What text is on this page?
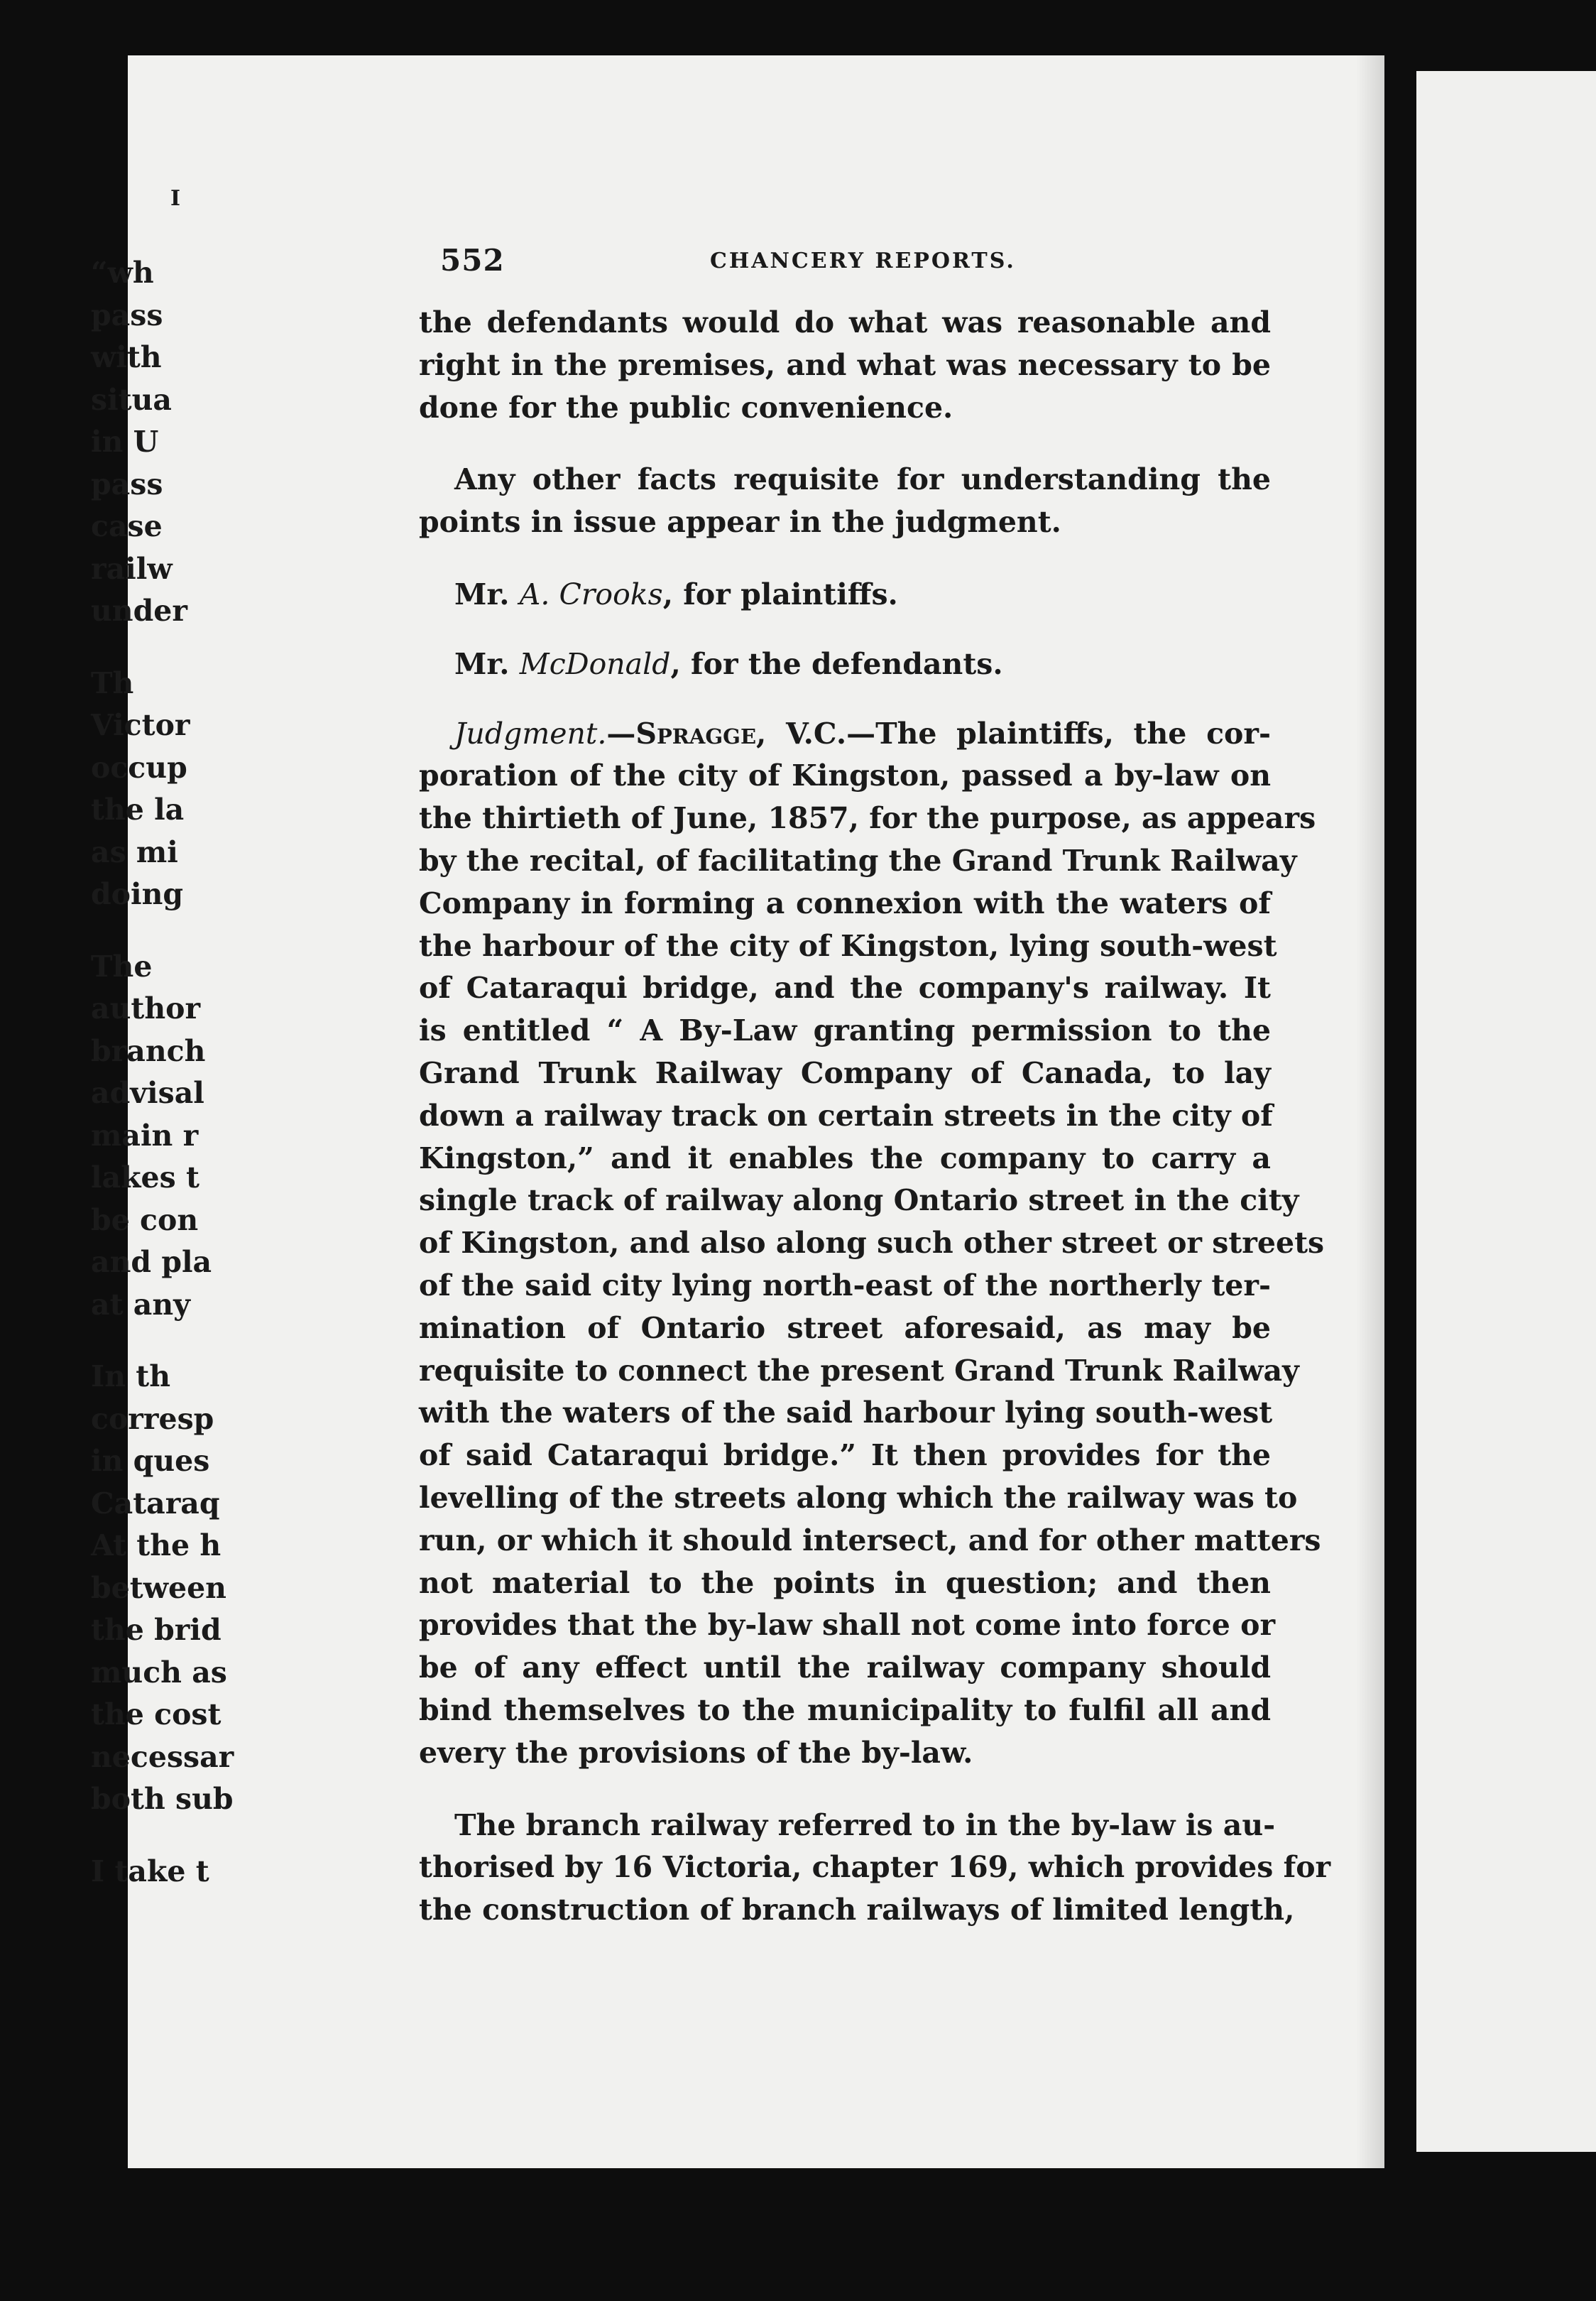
552	CHANCERY REPORTS.
the defendants would do what was reasonable and
right in the premises, and what was necessary to be
done for the public convenience.
Any other facts requisite for understanding the
points in issue appear in the judgment.
Mr. A. Crooks, for plaintiffs.
Mr. McDonald, for the defendants.
Judgment.—Spragge, V.C.—The plaintiffs, the cor-
poration of the city of Kingston, passed a by-law on
the thirtieth of June, 1857, for the purpose, as appears
by the recital, of facilitating the Grand Trunk Railway
Company in forming a connexion with the waters of
the harbour of the city of Kingston, lying south-west
of Cataraqui bridge, and the company's railway. It
is entitled “ A By-Law granting permission to the
Grand Trunk Railway Company of Canada, to lay
down a railway track on certain streets in the city of
Kingston,” and it enables the company to carry a
single track of railway along Ontario street in the city
of Kingston, and also along such other street or streets
of the said city lying north-east of the northerly ter-
mination of Ontario street aforesaid, as may be
requisite to connect the present Grand Trunk Railway
with the waters of the said harbour lying south-west
of said Cataraqui bridge.” It then provides for the
levelling of the streets along which the railway was to
run, or which it should intersect, and for other matters
not material to the points in question; and then
provides that the by-law shall not come into force or
be of any effect until the railway company should
bind themselves to the municipality to fulfil all and
every the provisions of the by-law.
The branch railway referred to in the by-law is au-
thorised by 16 Victoria, chapter 169, which provides for
the construction of branch railways of limited length,
I
“wh
pass
with
situa
in U
pass
case
railw
under
Th
Victor
occup
the la
as mi
doing
The
author
branch
advisal
main r
lakes t
be con
and pla
at any
In th
corresp
in ques
Cataraq
At the h
between
the brid
much as
the cost
necessar
both sub
I take t
